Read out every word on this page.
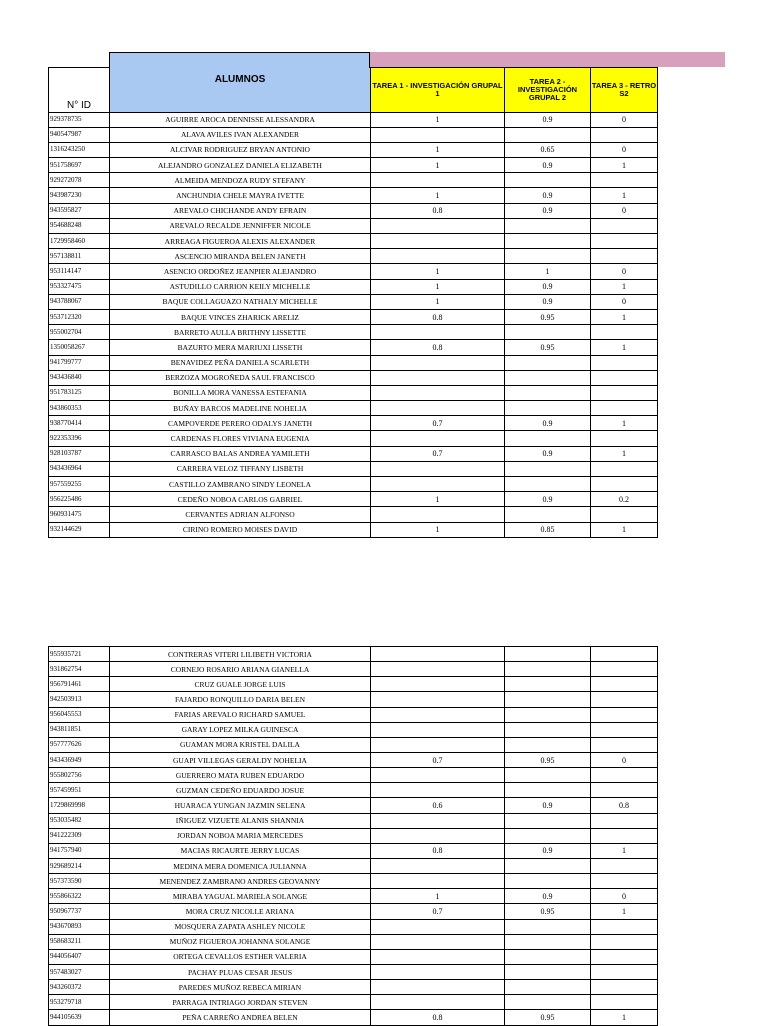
N° ID	ALUMNOS	TAREA 1 - INVESTIGACIÓN GRUPAL 1	TAREA 2 - INVESTIGACIÓN GRUPAL 2	TAREA 3 - RETRO S2
929378735	AGUIRRE AROCA DENNISSE ALESSANDRA	1	0.9	0
940547987	ALAVA AVILES IVAN ALEXANDER			
1316243250	ALCIVAR RODRIGUEZ BRYAN ANTONIO	1	0.65	0
951758697	ALEJANDRO GONZALEZ DANIELA ELIZABETH	1	0.9	1
929272078	ALMEIDA MENDOZA RUDY STEFANY			
943987230	ANCHUNDIA CHELE MAYRA IVETTE	1	0.9	1
943595827	AREVALO CHICHANDE ANDY EFRAIN	0.8	0.9	0
954688248	AREVALO RECALDE JENNIFFER NICOLE			
1729958460	ARREAGA FIGUEROA ALEXIS ALEXANDER			
957138811	ASCENCIO MIRANDA BELEN JANETH			
953114147	ASENCIO ORDOÑEZ JEANPIER ALEJANDRO	1	1	0
953327475	ASTUDILLO CARRION KEILY MICHELLE	1	0.9	1
943788067	BAQUE COLLAGUAZO NATHALY MICHELLE	1	0.9	0
953712320	BAQUE VINCES ZHARICK ARELIZ	0.8	0.95	1
955002704	BARRETO AULLA BRITHNY LISSETTE			
1350058267	BAZURTO MERA MARIUXI LISSETH	0.8	0.95	1
941799777	BENAVIDEZ PEÑA DANIELA SCARLETH			
943436840	BERZOZA MOGROÑEDA SAUL FRANCISCO			
951783125	BONILLA MORA VANESSA ESTEFANIA			
943860353	BUÑAY BARCOS MADELINE NOHELIA			
938770414	CAMPOVERDE PERERO ODALYS JANETH	0.7	0.9	1
922353396	CARDENAS FLORES VIVIANA EUGENIA			
928103787	CARRASCO BALAS ANDREA YAMILETH	0.7	0.9	1
943436964	CARRERA VELOZ TIFFANY LISBETH			
957559255	CASTILLO ZAMBRANO SINDY LEONELA			
956225486	CEDEÑO NOBOA CARLOS GABRIEL	1	0.9	0.2
960931475	CERVANTES ADRIAN ALFONSO			
932144629	CIRINO ROMERO MOISES DAVID	1	0.85	1
955935721	CONTRERAS VITERI LILIBETH VICTORIA			
931862754	CORNEJO ROSARIO ARIANA GIANELLA			
956791461	CRUZ GUALE JORGE LUIS			
942503913	FAJARDO RONQUILLO DARIA BELEN			
956045553	FARIAS AREVALO RICHARD SAMUEL			
943811851	GARAY LOPEZ MILKA GUINESCA			
957777626	GUAMAN MORA KRISTEL DALILA			
943436949	GUAPI VILLEGAS GERALDY NOHELIA	0.7	0.95	0
955802756	GUERRERO MATA RUBEN EDUARDO			
957459951	GUZMAN CEDEÑO EDUARDO JOSUE			
1729869998	HUARACA YUNGAN JAZMIN SELENA	0.6	0.9	0.8
953035482	IÑIGUEZ VIZUETE ALANIS SHANNIA			
941222309	JORDAN NOBOA MARIA MERCEDES			
941757940	MACIAS RICAURTE JERRY LUCAS	0.8	0.9	1
929689214	MEDINA MERA DOMENICA JULIANNA			
957373590	MENENDEZ ZAMBRANO ANDRES GEOVANNY			
955866322	MIRABA YAGUAL MARIELA SOLANGE	1	0.9	0
950967737	MORA CRUZ NICOLLE ARIANA	0.7	0.95	1
943670893	MOSQUERA ZAPATA ASHLEY NICOLE			
958683211	MUÑOZ FIGUEROA JOHANNA SOLANGE			
944056407	ORTEGA CEVALLOS ESTHER VALERIA			
957483027	PACHAY PLUAS CESAR JESUS			
943260372	PAREDES MUÑOZ REBECA MIRIAN			
953279718	PARRAGA INTRIAGO JORDAN STEVEN			
944105639	PEÑA CARREÑO ANDREA BELEN	0.8	0.95	1
